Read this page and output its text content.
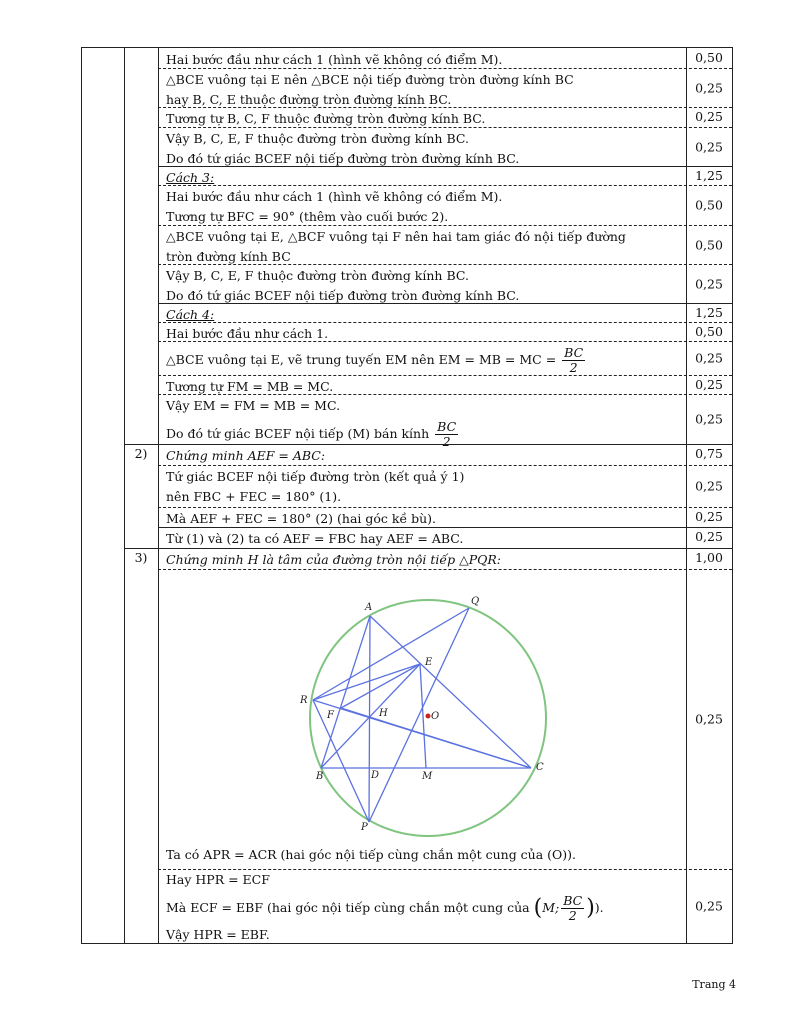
Hai bước đầu như cách 1 (hình vẽ không có điểm M).	0,50
△BCE vuông tại E nên △BCE nội tiếp đường tròn đường kính BC
hay B, C, E thuộc đường tròn đường kính BC.
0,25
Tương tự B, C, F thuộc đường tròn đường kính BC.	0,25
Vậy B, C, E, F thuộc đường tròn đường kính BC.
Do đó tứ giác BCEF nội tiếp đường tròn đường kính BC.
0,25
Cách 3:	1,25
Hai bước đầu như cách 1 (hình vẽ không có điểm M).
Tương tự BFC = 90° (thêm vào cuối bước 2).
0,50
△BCE vuông tại E, △BCF vuông tại F nên hai tam giác đó nội tiếp đường
tròn đường kính BC
0,50
Vậy B, C, E, F thuộc đường tròn đường kính BC.
Do đó tứ giác BCEF nội tiếp đường tròn đường kính BC.
0,25
Cách 4:	1,25
Hai bước đầu như cách 1.	0,50
△BCE vuông tại E, vẽ trung tuyến EM nên EM = MB = MC = $\frac{BC}{2}$	0,25
Tương tự FM = MB = MC.	0,25
Vậy EM = FM = MB = MC.
Do đó tứ giác BCEF nội tiếp (M) bán kính $\frac{BC}{2}$
0,25
2)	Chứng minh AEF = ABC:	0,75
Tứ giác BCEF nội tiếp đường tròn (kết quả ý 1)
nên FBC + FEC = 180° (1).
0,25
Mà AEF + FEC = 180° (2) (hai góc kề bù).	0,25
Từ (1) và (2) ta có AEF = FBC hay AEF = ABC.	0,25
3)	Chứng minh H là tâm của đường tròn nội tiếp △PQR:	1,00
Ta có APR = ACR (hai góc nội tiếp cùng chắn một cung của (O)).
0,25
Hay HPR = ECF
Mà ECF = EBF (hai góc nội tiếp cùng chắn một cung của (M; $\frac{BC}{2}$ )).
Vậy HPR = EBF.
0,25
A
Q
E
R
F	H	O
B	D	M
C
P
Trang 4
